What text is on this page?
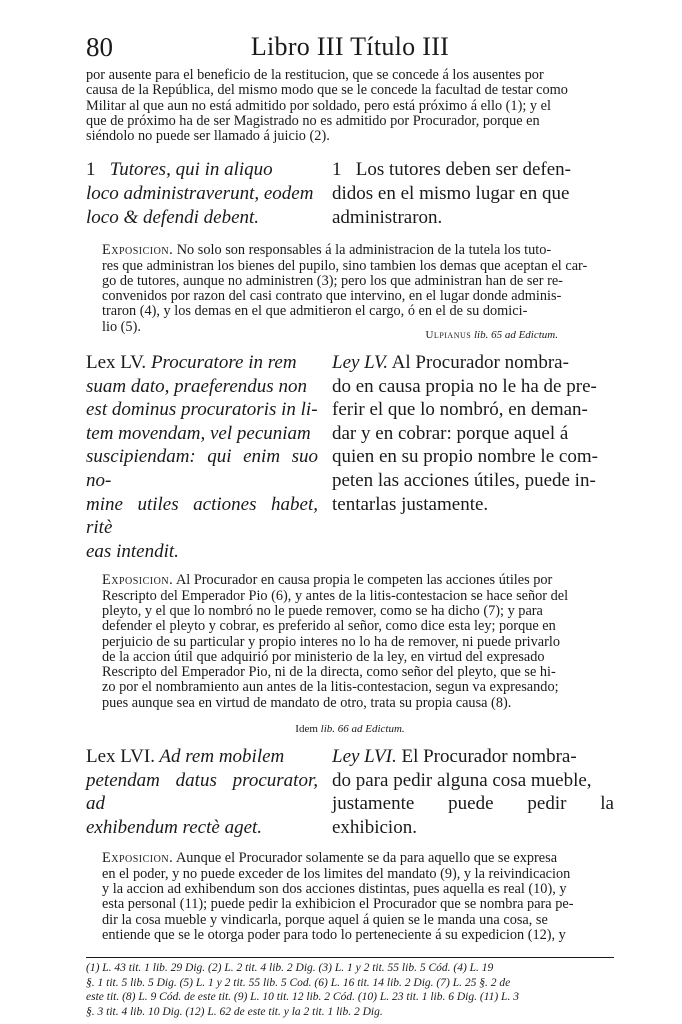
80	Libro III Título III
por ausente para el beneficio de la restitucion, que se concede á los ausentes por
causa de la República, del mismo modo que se le concede la facultad de testar como
Militar al que aun no está admitido por soldado, pero está próximo á ello (1); y el
que de próximo ha de ser Magistrado no es admitido por Procurador, porque en
siéndolo no puede ser llamado á juicio (2).
1 Tutores, qui in aliquo
loco administraverunt, eodem
loco & defendi debent.
1 Los tutores deben ser defen-
didos en el mismo lugar en que
administraron.
Exposicion. No solo son responsables á la administracion de la tutela los tuto-
res que administran los bienes del pupilo, sino tambien los demas que aceptan el car-
go de tutores, aunque no administren (3); pero los que administran han de ser re-
convenidos por razon del casi contrato que intervino, en el lugar donde adminis-
traron (4), y los demas en el que admitieron el cargo, ó en el de su domici-
lio (5).
Ulpianus lib. 65 ad Edictum.
Lex LV. Procuratore in rem
suam dato, praeferendus non
est dominus procuratoris in li-
tem movendam, vel pecuniam
suscipiendam: qui enim suo no-
mine utiles actiones habet, ritè
eas intendit.
Ley LV. Al Procurador nombra-
do en causa propia no le ha de pre-
ferir el que lo nombró, en deman-
dar y en cobrar: porque aquel á
quien en su propio nombre le com-
peten las acciones útiles, puede in-
tentarlas justamente.
Exposicion. Al Procurador en causa propia le competen las acciones útiles por
Rescripto del Emperador Pio (6), y antes de la litis-contestacion se hace señor del
pleyto, y el que lo nombró no le puede remover, como se ha dicho (7); y para
defender el pleyto y cobrar, es preferido al señor, como dice esta ley; porque en
perjuicio de su particular y propio interes no lo ha de remover, ni puede privarlo
de la accion útil que adquirió por ministerio de la ley, en virtud del expresado
Rescripto del Emperador Pio, ni de la directa, como señor del pleyto, que se hi-
zo por el nombramiento aun antes de la litis-contestacion, segun va expresando;
pues aunque sea en virtud de mandato de otro, trata su propia causa (8).
Idem lib. 66 ad Edictum.
Lex LVI. Ad rem mobilem
petendam datus procurator, ad
exhibendum rectè aget.
Ley LVI. El Procurador nombra-
do para pedir alguna cosa mueble,
justamente puede pedir la exhibicion.
Exposicion. Aunque el Procurador solamente se da para aquello que se expresa
en el poder, y no puede exceder de los limites del mandato (9), y la reivindicacion
y la accion ad exhibendum son dos acciones distintas, pues aquella es real (10), y
esta personal (11); puede pedir la exhibicion el Procurador que se nombra para pe-
dir la cosa mueble y vindicarla, porque aquel á quien se le manda una cosa, se
entiende que se le otorga poder para todo lo perteneciente á su expedicion (12), y
(1) L. 43 tit. 1 lib. 29 Dig. (2) L. 2 tit. 4 lib. 2 Dig. (3) L. 1 y 2 tit. 55 lib. 5 Cód. (4) L. 19
§. 1 tit. 5 lib. 5 Dig. (5) L. 1 y 2 tit. 55 lib. 5 Cod. (6) L. 16 tit. 14 lib. 2 Dig. (7) L. 25 §. 2 de
este tit. (8) L. 9 Cód. de este tit. (9) L. 10 tit. 12 lib. 2 Cód. (10) L. 23 tit. 1 lib. 6 Dig. (11) L. 3
§. 3 tit. 4 lib. 10 Dig. (12) L. 62 de este tit. y la 2 tit. 1 lib. 2 Dig.
